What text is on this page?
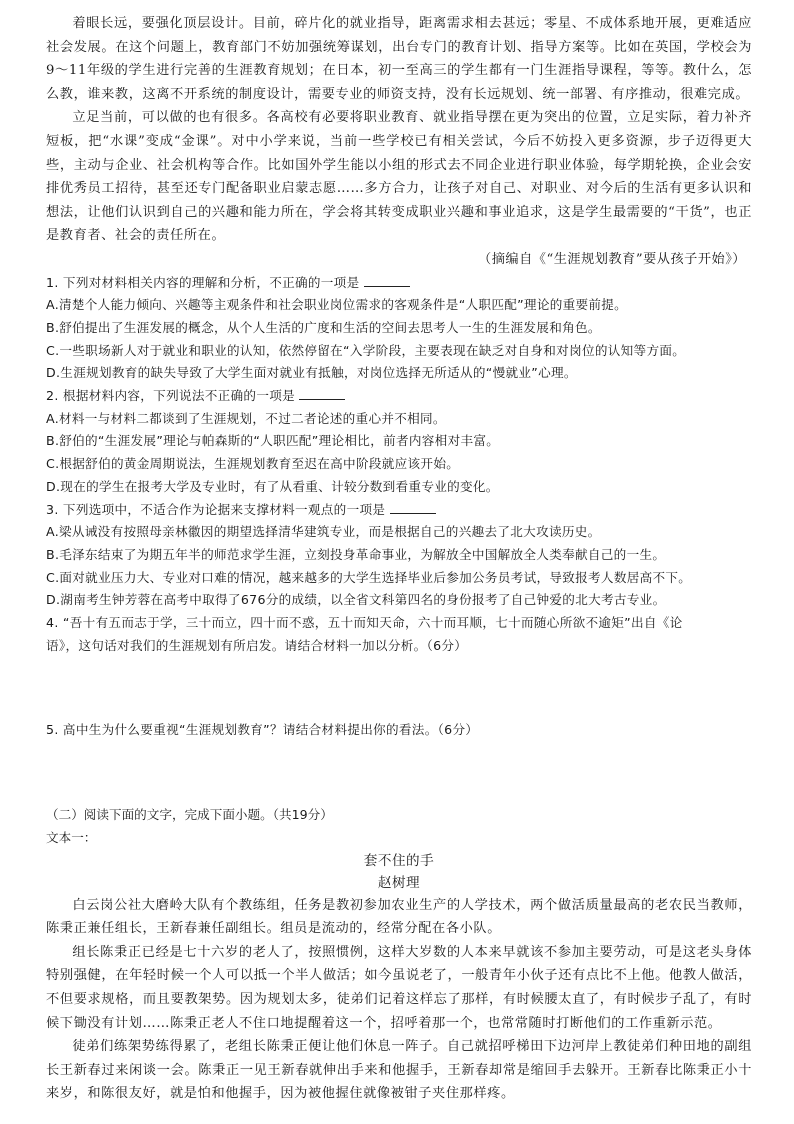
着眼长远，要强化顶层设计。目前，碎片化的就业指导，距离需求相去甚远；零星、不成体系地开展，更难适应社会发展。在这个问题上，教育部门不妨加强统筹谋划，出台专门的教育计划、指导方案等。比如在英国，学校会为9～11年级的学生进行完善的生涯教育规划；在日本，初一至高三的学生都有一门生涯指导课程，等等。教什么，怎么教，谁来教，这离不开系统的制度设计，需要专业的师资支持，没有长远规划、统一部署、有序推动，很难完成。

立足当前，可以做的也有很多。各高校有必要将职业教育、就业指导摆在更为突出的位置，立足实际，着力补齐短板，把“水课”变成“金课”。对中小学来说，当前一些学校已有相关尝试，今后不妨投入更多资源，步子迈得更大些，主动与企业、社会机构等合作。比如国外学生能以小组的形式去不同企业进行职业体验，每学期轮换，企业会安排优秀员工招待，甚至还专门配备职业启蒙志愿……多方合力，让孩子对自己、对职业、对今后的生活有更多认识和想法，让他们认识到自己的兴趣和能力所在，学会将其转变成职业兴趣和事业追求，这是学生最需要的“干货”，也正是教育者、社会的责任所在。

（摘编自《“生涯规划教育”要从孩子开始》）

1. 下列对材料相关内容的理解和分析，不正确的一项是

A.清楚个人能力倾向、兴趣等主观条件和社会职业岗位需求的客观条件是“人职匹配”理论的重要前提。

B.舒伯提出了生涯发展的概念，从个人生活的广度和生活的空间去思考人一生的生涯发展和角色。

C.一些职场新人对于就业和职业的认知，依然停留在“入学阶段，主要表现在缺乏对自身和对岗位的认知等方面。

D.生涯规划教育的缺失导致了大学生面对就业有抵触，对岗位选择无所适从的“慢就业”心理。

2. 根据材料内容，下列说法不正确的一项是

A.材料一与材料二都谈到了生涯规划，不过二者论述的重心并不相同。

B.舒伯的“生涯发展”理论与帕森斯的“人职匹配”理论相比，前者内容相对丰富。

C.根据舒伯的黄金周期说法，生涯规划教育至迟在高中阶段就应该开始。

D.现在的学生在报考大学及专业时，有了从看重、计较分数到看重专业的变化。

3. 下列选项中，不适合作为论据来支撑材料一观点的一项是

A.梁从诫没有按照母亲林徽因的期望选择清华建筑专业，而是根据自己的兴趣去了北大攻读历史。

B.毛泽东结束了为期五年半的师范求学生涯，立刻投身革命事业，为解放全中国解放全人类奉献自己的一生。

C.面对就业压力大、专业对口难的情况，越来越多的大学生选择毕业后参加公务员考试，导致报考人数居高不下。

D.湖南考生钟芳蓉在高考中取得了676分的成绩，以全省文科第四名的身份报考了自己钟爱的北大考古专业。

4. “吾十有五而志于学，三十而立，四十而不惑，五十而知天命，六十而耳顺，七十而随心所欲不逾矩”出自《论

语》，这句话对我们的生涯规划有所启发。请结合材料一加以分析。（6分）

5. 高中生为什么要重视“生涯规划教育”？请结合材料提出你的看法。（6分）

（二）阅读下面的文字，完成下面小题。（共19分）

文本一：

套不住的手

赵树理

白云岗公社大磨岭大队有个教练组，任务是教初参加农业生产的人学技术，两个做活质量最高的老农民当教师，陈秉正兼任组长，王新春兼任副组长。组员是流动的，经常分配在各小队。

组长陈秉正已经是七十六岁的老人了，按照惯例，这样大岁数的人本来早就该不参加主要劳动，可是这老头身体特别强健，在年轻时候一个人可以抵一个半人做活；如今虽说老了，一般青年小伙子还有点比不上他。他教人做活，不但要求规格，而且要教架势。因为规划太多，徒弟们记着这样忘了那样，有时候腰太直了，有时候步子乱了，有时候下锄没有计划……陈秉正老人不住口地提醒着这一个，招呼着那一个，也常常随时打断他们的工作重新示范。

徒弟们练架势练得累了，老组长陈秉正便让他们休息一阵子。自己就招呼梯田下边河岸上教徒弟们种田地的副组长王新春过来闲谈一会。陈秉正一见王新春就伸出手来和他握手，王新春却常是缩回手去躲开。王新春比陈秉正小十来岁，和陈很友好，就是怕和他握手，因为被他握住就像被钳子夹住那样疼。
